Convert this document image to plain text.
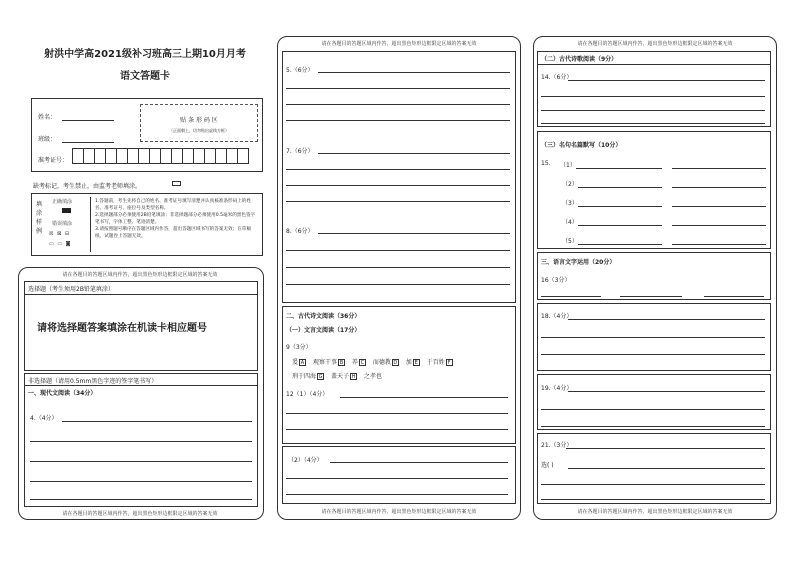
射洪中学高2021级补习班高三上期10月月考
语文答题卡
姓名：
班级：
准考证号：
贴 条 形 码 区
（正面朝上，切勿贴出虚线方框）
缺考标记，考生禁止，由监考老师填涂。
填
涂
样
例
正确填涂
错误填涂
☒ ⊠ ⊟
▭ ▭ ◙
1.答题前，考生先将自己的姓名、准考证号填写清楚并认真核准条形码上的姓名、准考证号、座位号及类型名称。
2.选择题部分必须使用2B铅笔填涂；非选择题部分必须使用0.5毫米的黑色签字笔书写，字体工整、笔迹清楚。
3.请按照题号顺序在答题区域内作答，超出答题区域书写的答案无效；在草稿纸、试题卷上答题无效。
请在各题目的答题区域内作答，超出黑色矩形边框限定区域的答案无效
选择题（考生须用2B铅笔填涂）
请将选择题答案填涂在机读卡相应题号
非选择题（请用0.5mm黑色字迹的签字笔书写）
一、现代文阅读（34分）
4.（4分）
请在各题目的答题区域内作答，超出黑色矩形边框限定区域的答案无效
请在各题目的答题区域内作答，超出黑色矩形边框限定区域的答案无效
5.（6分）
7.（6分）
8.（6分）
二、古代诗文阅读（36分）
（一）文言文阅读（17分）
9（3分）
爰 A 观察干事 B 养 C 而德教 D 加 E 于百姓 F
刑于四海 G 盖天子 H 之孝也
12（1）（4分）
（2）（4分）
请在各题目的答题区域内作答，超出黑色矩形边框限定区域的答案无效
请在各题目的答题区域内作答，超出黑色矩形边框限定区域的答案无效
（二）古代诗歌阅读（9分）
14.（6分）
（三）名句名篇默写（10分）
15. （1）
（2）
（3）
（4）
（5）
三、语言文字运用（20分）
16（3分）
18.（4分）
19.（4分）
21.（3分）
选( )
请在各题目的答题区域内作答，超出黑色矩形边框限定区域的答案无效
